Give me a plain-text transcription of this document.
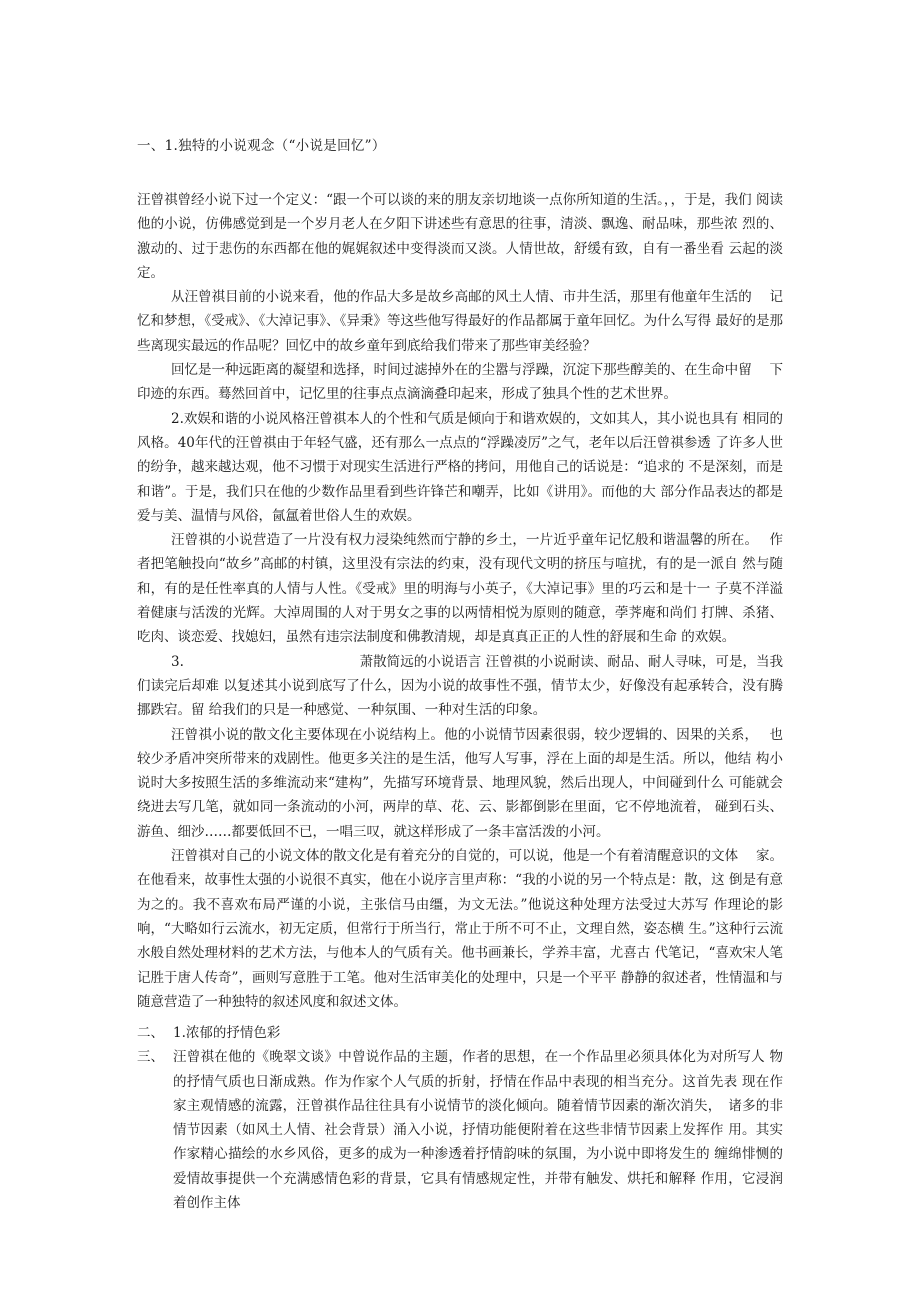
一、1.独特的小说观念（“小说是回忆”）

汪曾祺曾经小说下过一个定义：“跟一个可以谈的来的朋友亲切地谈一点你所知道的生活。，，于是，我们 阅读他的小说，仿佛感觉到是一个岁月老人在夕阳下讲述些有意思的往事，清淡、飘逸、耐品味，那些浓 烈的、激动的、过于悲伤的东西都在他的娓娓叙述中变得淡而又淡。人情世故，舒缓有致，自有一番坐看 云起的淡定。

从汪曾祺目前的小说来看，他的作品大多是故乡高邮的风土人情、市井生活，那里有他童年生活的　 记忆和梦想，《受戒》、《大淖记事》、《异秉》等这些他写得最好的作品都属于童年回忆。为什么写得 最好的是那些离现实最远的作品呢？回忆中的故乡童年到底给我们带来了那些审美经验？

回忆是一种远距离的凝望和选择，时间过滤掉外在的尘嚣与浮躁，沉淀下那些醇美的、在生命中留　 下印迹的东西。蓦然回首中，记忆里的往事点点滴滴叠印起来，形成了独具个性的艺术世界。

2.欢娱和谐的小说风格汪曾祺本人的个性和气质是倾向于和谐欢娱的，文如其人，其小说也具有 相同的风格。40年代的汪曾祺由于年轻气盛，还有那么一点点的“浮躁凌厉”之气，老年以后汪曾祺参透 了许多人世的纷争，越来越达观，他不习惯于对现实生活进行严格的拷问，用他自己的话说是：“追求的 不是深刻，而是和谐”。于是，我们只在他的少数作品里看到些许锋芒和嘲弄，比如《讲用》。而他的大 部分作品表达的都是爱与美、温情与风俗，氤氲着世俗人生的欢娱。

汪曾祺的小说营造了一片没有权力浸染纯然而宁静的乡土，一片近乎童年记忆般和谐温馨的所在。　 作者把笔触投向“故乡”高邮的村镇，这里没有宗法的约束，没有现代文明的挤压与喧扰，有的是一派自 然与随和，有的是任性率真的人情与人性。《受戒》里的明海与小英子，《大淖记事》里的巧云和是十一 子莫不洋溢着健康与活泼的光辉。大淖周围的人对于男女之事的以两情相悦为原则的随意，荸荠庵和尚们 打牌、杀猪、吃肉、谈恋爱、找媳妇，虽然有违宗法制度和佛教清规，却是真真正正的人性的舒展和生命 的欢娱。

3.　　　　　　　　　　　　　萧散简远的小说语言 汪曾祺的小说耐读、耐品、耐人寻味，可是，当我们读完后却难 以复述其小说到底写了什么，因为小说的故事性不强，情节太少，好像没有起承转合，没有腾挪跌宕。留 给我们的只是一种感觉、一种氛围、一种对生活的印象。

汪曾祺小说的散文化主要体现在小说结构上。他的小说情节因素很弱，较少逻辑的、因果的关系，　 也较少矛盾冲突所带来的戏剧性。他更多关注的是生活，他写人写事，浮在上面的却是生活。所以，他结 构小说时大多按照生活的多维流动来“建构”，先描写环境背景、地理风貌，然后出现人，中间碰到什么 可能就会绕进去写几笔，就如同一条流动的小河，两岸的草、花、云、影都倒影在里面，它不停地流着， 碰到石头、游鱼、细沙……都要低回不已，一唱三叹，就这样形成了一条丰富活泼的小河。

汪曾祺对自己的小说文体的散文化是有着充分的自觉的，可以说，他是一个有着清醒意识的文体　 家。在他看来，故事性太强的小说很不真实，他在小说序言里声称：“我的小说的另一个特点是：散，这 倒是有意为之的。我不喜欢布局严谨的小说，主张信马由缰，为文无法。”他说这种处理方法受过大苏写 作理论的影响，“大略如行云流水，初无定质，但常行于所当行，常止于所不可不止，文理自然，姿态横 生。”这种行云流水般自然处理材料的艺术方法，与他本人的气质有关。他书画兼长，学养丰富，尤喜古 代笔记，“喜欢宋人笔记胜于唐人传奇”，画则写意胜于工笔。他对生活审美化的处理中，只是一个平平 静静的叙述者，性情温和与随意营造了一种独特的叙述风度和叙述文体。

二、 1.浓郁的抒情色彩
三、 汪曾祺在他的《晚翠文谈》中曾说作品的主题，作者的思想，在一个作品里必须具体化为对所写人 物的抒情气质也日渐成熟。作为作家个人气质的折射，抒情在作品中表现的相当充分。这首先表 现在作家主观情感的流露，汪曾祺作品往往具有小说情节的淡化倾向。随着情节因素的渐次消失，　诸多的非情节因素（如风土人情、社会背景）涌入小说，抒情功能便附着在这些非情节因素上发挥作 用。其实作家精心描绘的水乡风俗，更多的成为一种渗透着抒情韵味的氛围，为小说中即将发生的 缠绵悱恻的爱情故事提供一个充满感情色彩的背景，它具有情感规定性，并带有触发、烘托和解释 作用，它浸润着创作主体
